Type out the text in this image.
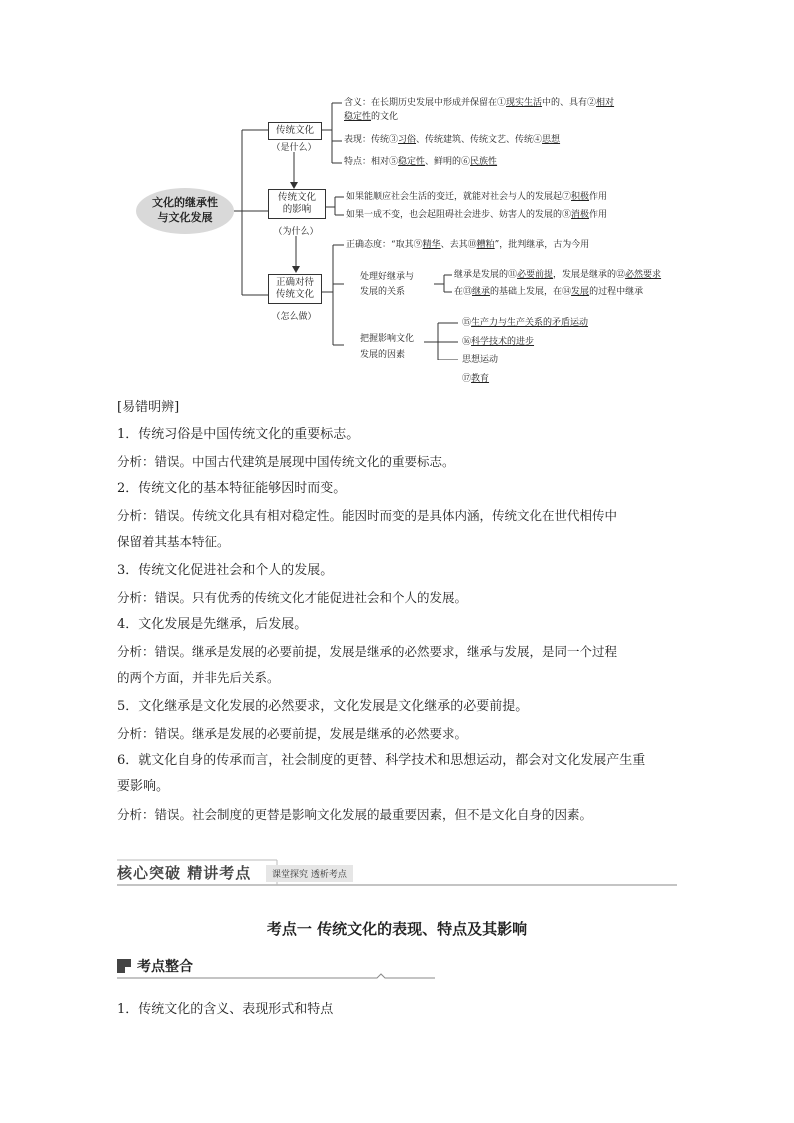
文化的继承性
与文化发展
传统文化
（是什么）
含义：在长期历史发展中形成并保留在①现实生活中的、具有②相对
稳定性的文化
表现：传统③习俗、传统建筑、传统文艺、传统④思想
特点：相对⑤稳定性、鲜明的⑥民族性
传统文化
的影响
（为什么）
如果能顺应社会生活的变迁，就能对社会与人的发展起⑦积极作用
如果一成不变，也会起阻碍社会进步、妨害人的发展的⑧消极作用
正确对待
传统文化
（怎么做）
正确态度：“取其⑨精华、去其⑩糟粕”，批判继承，古为今用
处理好继承与
发展的关系
继承是发展的⑪必要前提，发展是继承的⑫必然要求
在⑬继承的基础上发展，在⑭发展的过程中继承
把握影响文化
发展的因素
⑮生产力与生产关系的矛盾运动
⑯科学技术的进步
思想运动
⑰教育
[易错明辨]
1．传统习俗是中国传统文化的重要标志。
分析：错误。中国古代建筑是展现中国传统文化的重要标志。
2．传统文化的基本特征能够因时而变。
分析：错误。传统文化具有相对稳定性。能因时而变的是具体内涵，传统文化在世代相传中
保留着其基本特征。
3．传统文化促进社会和个人的发展。
分析：错误。只有优秀的传统文化才能促进社会和个人的发展。
4．文化发展是先继承，后发展。
分析：错误。继承是发展的必要前提，发展是继承的必然要求，继承与发展，是同一个过程
的两个方面，并非先后关系。
5．文化继承是文化发展的必然要求，文化发展是文化继承的必要前提。
分析：错误。继承是发展的必要前提，发展是继承的必然要求。
6．就文化自身的传承而言，社会制度的更替、科学技术和思想运动，都会对文化发展产生重
要影响。
分析：错误。社会制度的更替是影响文化发展的最重要因素，但不是文化自身的因素。
核心突破 精讲考点	课堂探究 透析考点
考点一 传统文化的表现、特点及其影响
考点整合
1．传统文化的含义、表现形式和特点
